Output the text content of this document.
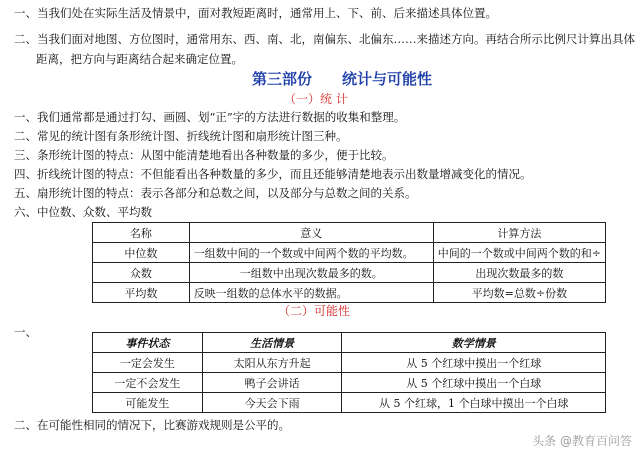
一、当我们处在实际生活及情景中，面对教短距离时，通常用上、下、前、后来描述具体位置。
二、当我们面对地图、方位图时，通常用东、西、南、北，南偏东、北偏东……来描述方向。再结合所示比例尺计算出具体
距离，把方向与距离结合起来确定位置。
第三部份 统计与可能性
（一）统 计
一、我们通常都是通过打勾、画圆、划“正”字的方法进行数据的收集和整理。
二、常见的统计图有条形统计图、折线统计图和扇形统计图三种。
三、条形统计图的特点：从图中能清楚地看出各种数量的多少，便于比较。
四、折线统计图的特点：不但能看出各种数量的多少，而且还能够清楚地表示出数量增减变化的情况。
五、扇形统计图的特点：表示各部分和总数之间，以及部分与总数之间的关系。
六、中位数、众数、平均数
名称	意义	计算方法
中位数	一组数中间的一个数或中间两个数的平均数。	中间的一个数或中间两个数的和÷
众数	一组数中出现次数最多的数。	出现次数最多的数
平均数	反映一组数的总体水平的数据。	平均数=总数÷份数
（二）可能性
一、
事件状态	生活情景	数学情景
一定会发生	太阳从东方升起	从 5 个红球中摸出一个红球
一定不会发生	鸭子会讲话	从 5 个红球中摸出一个白球
可能发生	今天会下雨	从 5 个红球，1 个白球中摸出一个白球
二、在可能性相同的情况下，比赛游戏规则是公平的。
头条 @教育百问答
